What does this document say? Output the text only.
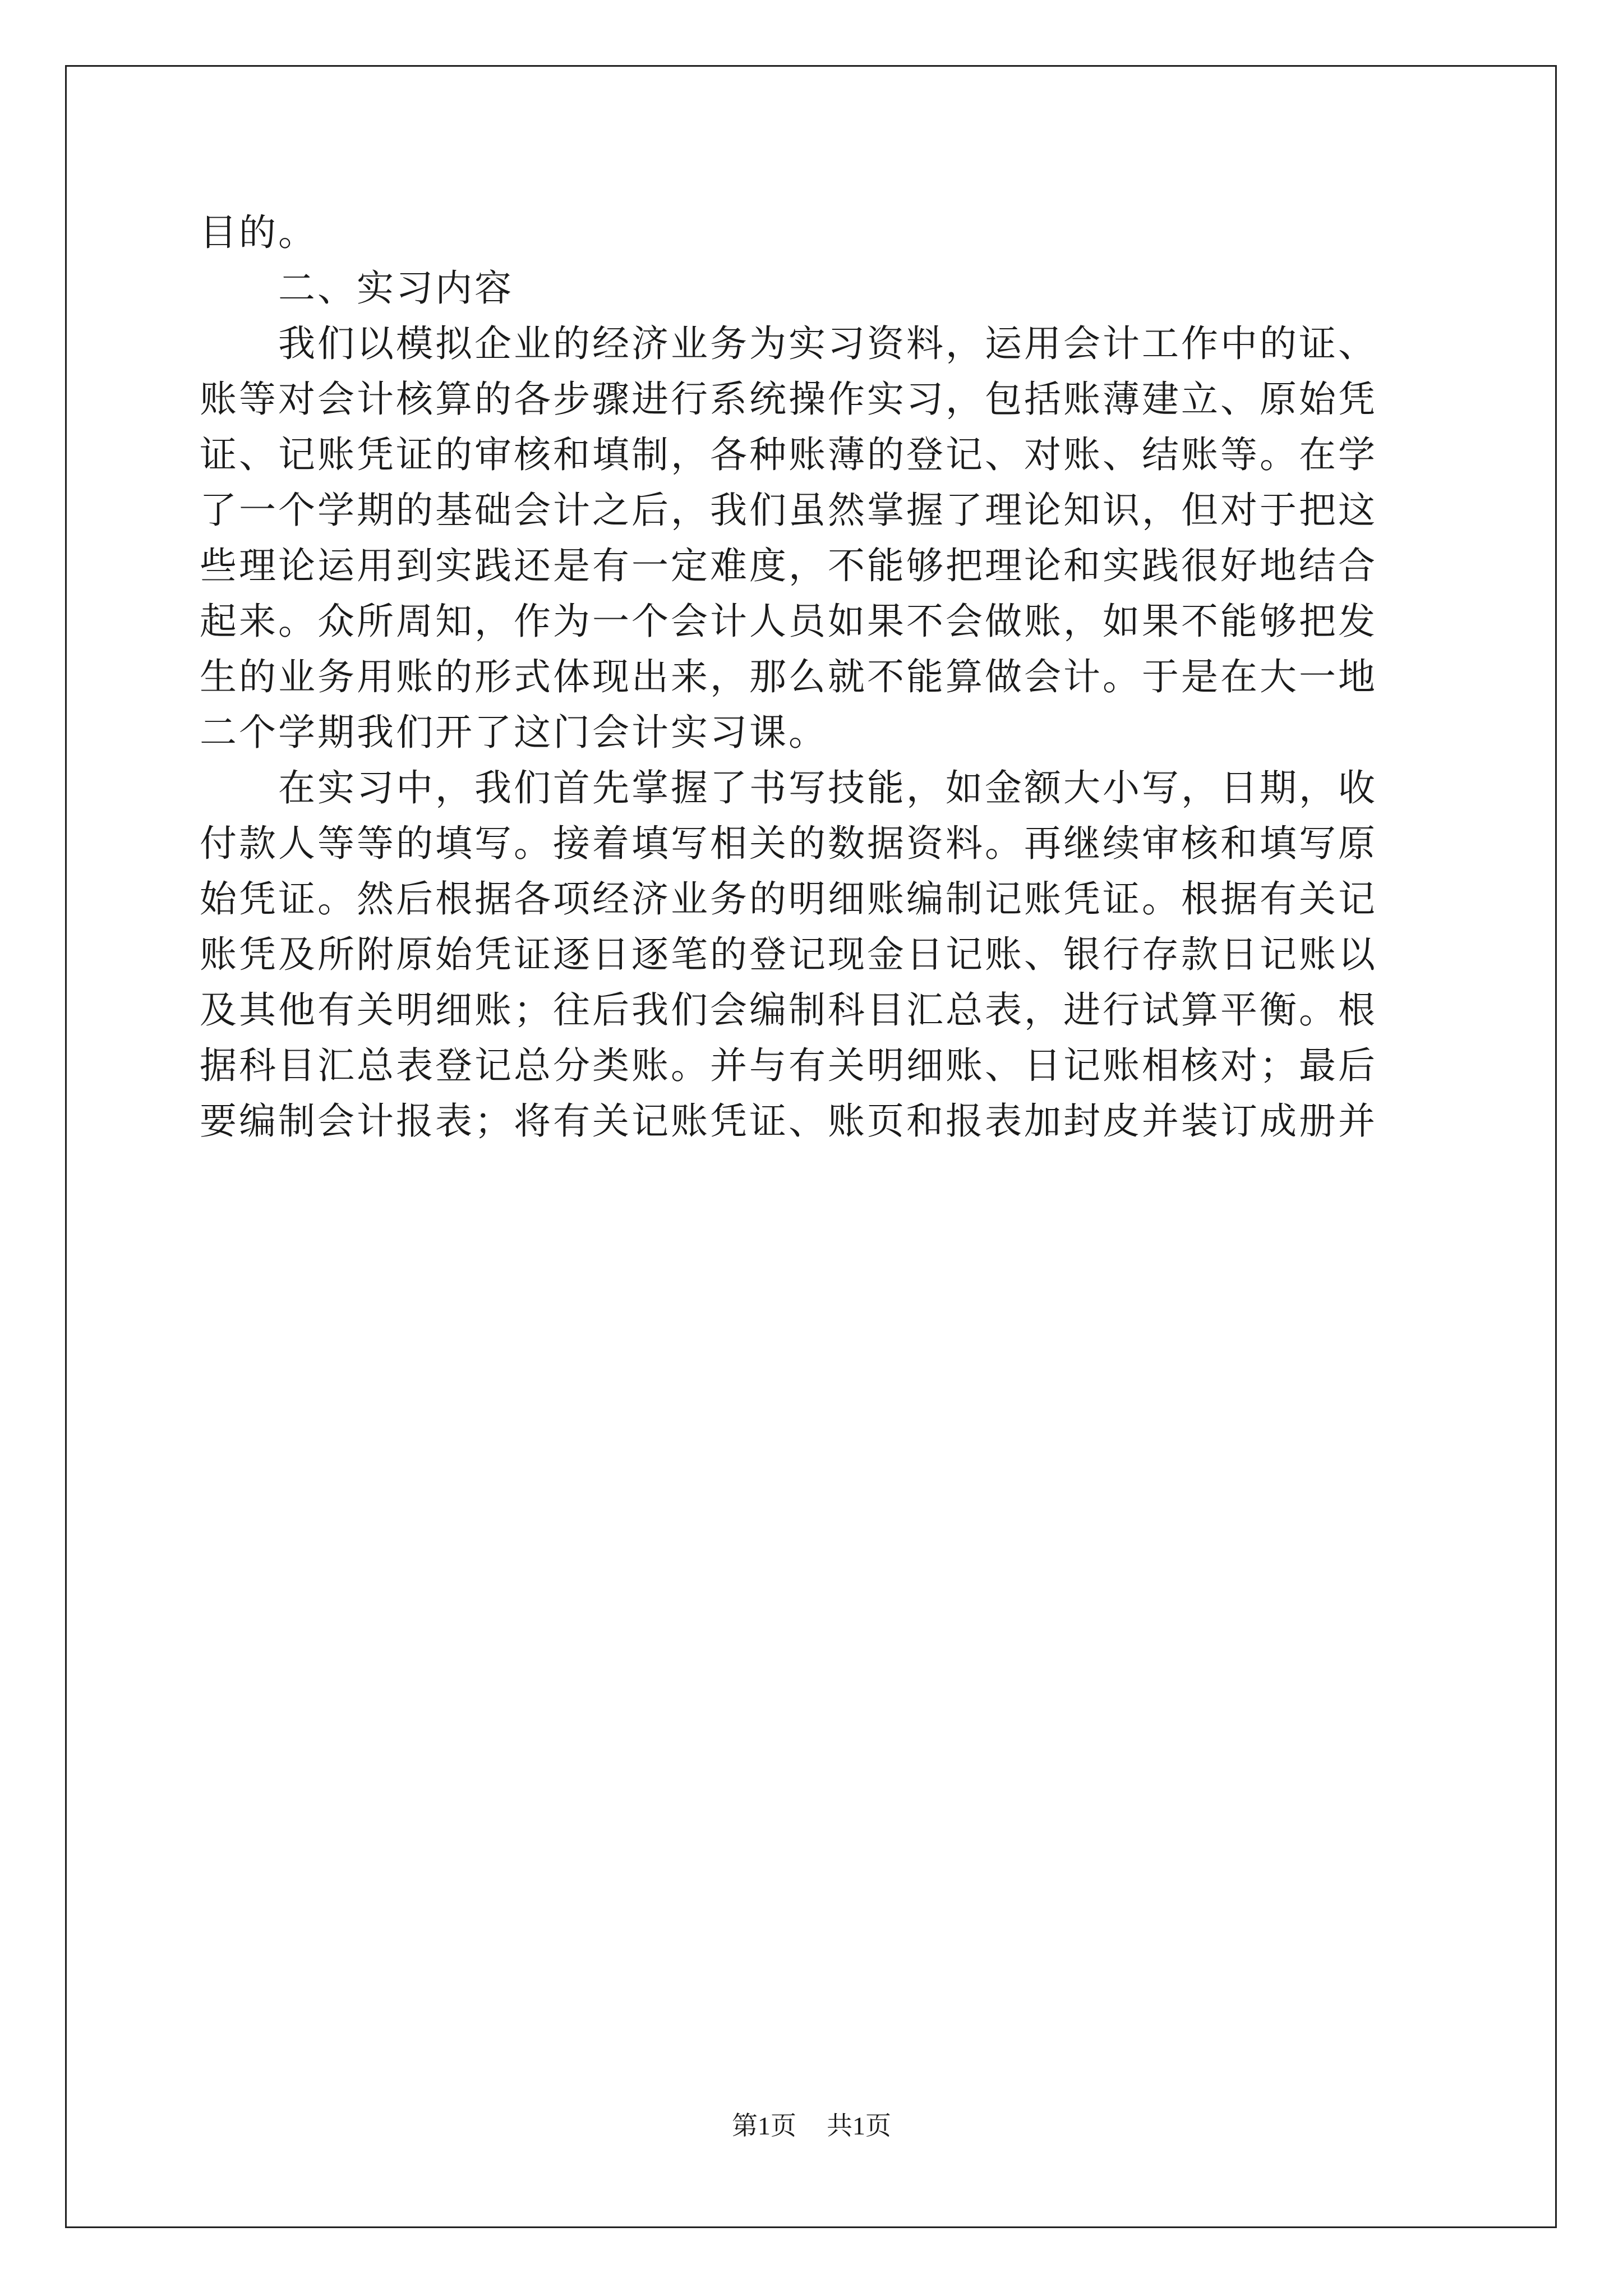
目的。
　　二、实习内容
　　我们以模拟企业的经济业务为实习资料，运用会计工作中的证、
账等对会计核算的各步骤进行系统操作实习，包括账薄建立、原始凭
证、记账凭证的审核和填制，各种账薄的登记、对账、结账等。在学
了一个学期的基础会计之后，我们虽然掌握了理论知识，但对于把这
些理论运用到实践还是有一定难度，不能够把理论和实践很好地结合
起来。众所周知，作为一个会计人员如果不会做账，如果不能够把发
生的业务用账的形式体现出来，那么就不能算做会计。于是在大一地
二个学期我们开了这门会计实习课。
　　在实习中，我们首先掌握了书写技能，如金额大小写，日期，收
付款人等等的填写。接着填写相关的数据资料。再继续审核和填写原
始凭证。然后根据各项经济业务的明细账编制记账凭证。根据有关记
账凭及所附原始凭证逐日逐笔的登记现金日记账、银行存款日记账以
及其他有关明细账；往后我们会编制科目汇总表，进行试算平衡。根
据科目汇总表登记总分类账。并与有关明细账、日记账相核对；最后
要编制会计报表；将有关记账凭证、账页和报表加封皮并装订成册并
第1页 共1页
